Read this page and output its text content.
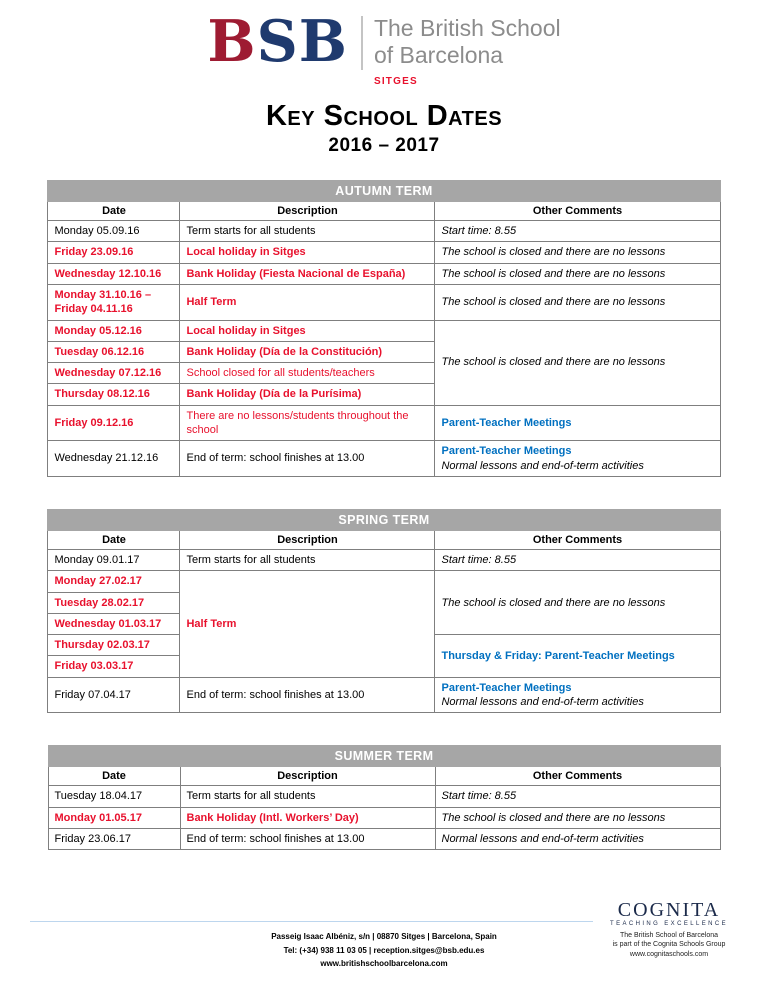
BSB The British School
of Barcelona
SITGES
Key School Dates
2016 – 2017
AUTUMN TERM		
Date	Description	Other Comments
Monday 05.09.16	Term starts for all students	Start time: 8.55
Friday 23.09.16	Local holiday in Sitges	The school is closed and there are no lessons
Wednesday 12.10.16	Bank Holiday (Fiesta Nacional de España)	The school is closed and there are no lessons
Monday 31.10.16 – Friday 04.11.16	Half Term	The school is closed and there are no lessons
Monday 05.12.16	Local holiday in Sitges	The school is closed and there are no lessons
Tuesday 06.12.16	Bank Holiday (Día de la Constitución)	
Wednesday 07.12.16	School closed for all students/teachers	
Thursday 08.12.16	Bank Holiday (Día de la Purísima)	
Friday 09.12.16	There are no lessons/students throughout the school	Parent-Teacher Meetings
Wednesday 21.12.16	End of term: school finishes at 13.00	Parent-Teacher Meetings
Normal lessons and end-of-term activities
SPRING TERM		
Date	Description	Other Comments
Monday 09.01.17	Term starts for all students	Start time: 8.55
Monday 27.02.17	Half Term	The school is closed and there are no lessons
Tuesday 28.02.17		
Wednesday 01.03.17		
Thursday 02.03.17		Thursday & Friday: Parent-Teacher Meetings
Friday 03.03.17		
Friday 07.04.17	End of term: school finishes at 13.00	Parent-Teacher Meetings
Normal lessons and end-of-term activities
SUMMER TERM		
Date	Description	Other Comments
Tuesday 18.04.17	Term starts for all students	Start time: 8.55
Monday 01.05.17	Bank Holiday (Intl. Workers’ Day)	The school is closed and there are no lessons
Friday 23.06.17	End of term: school finishes at 13.00	Normal lessons and end-of-term activities
Passeig Isaac Albéniz, s/n | 08870 Sitges | Barcelona, Spain
Tel: (+34) 938 11 03 05 | reception.sitges@bsb.edu.es
www.britishschoolbarcelona.com
COGNITA
TEACHING EXCELLENCE
The British School of Barcelona
is part of the Cognita Schools Group
www.cognitaschools.com
